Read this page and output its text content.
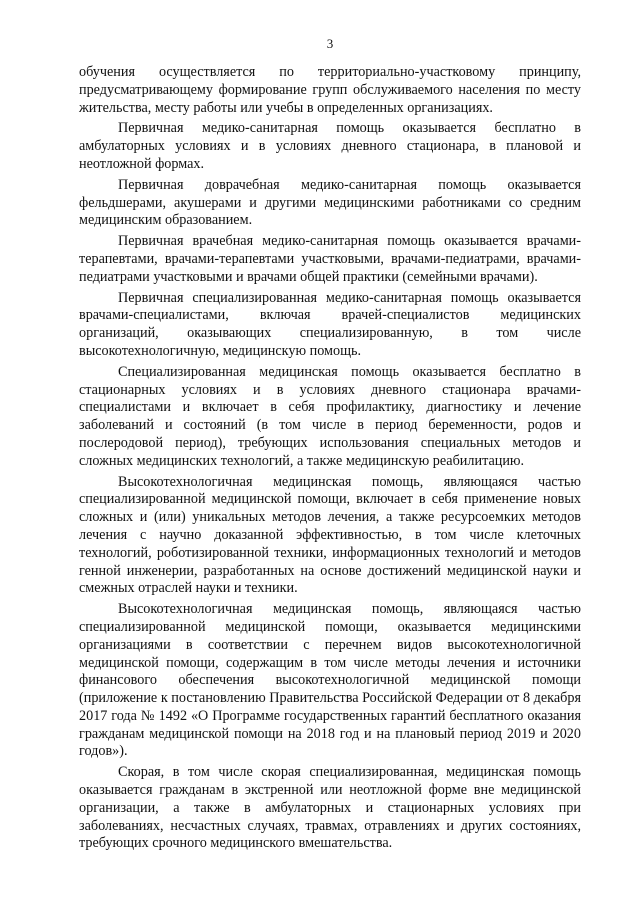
3

обучения осуществляется по территориально-участковому принципу, предусматривающему формирование групп обслуживаемого населения по месту жительства, месту работы или учебы в определенных организациях.

Первичная медико-санитарная помощь оказывается бесплатно в амбулаторных условиях и в условиях дневного стационара, в плановой и неотложной формах.

Первичная доврачебная медико-санитарная помощь оказывается фельдшерами, акушерами и другими медицинскими работниками со средним медицинским образованием.

Первичная врачебная медико-санитарная помощь оказывается врачами-терапевтами, врачами-терапевтами участковыми, врачами-педиатрами, врачами-педиатрами участковыми и врачами общей практики (семейными врачами).

Первичная специализированная медико-санитарная помощь оказывается врачами-специалистами, включая врачей-специалистов медицинских организаций, оказывающих специализированную, в том числе высокотехнологичную, медицинскую помощь.

Специализированная медицинская помощь оказывается бесплатно в стационарных условиях и в условиях дневного стационара врачами-специалистами и включает в себя профилактику, диагностику и лечение заболеваний и состояний (в том числе в период беременности, родов и послеродовой период), требующих использования специальных методов и сложных медицинских технологий, а также медицинскую реабилитацию.

Высокотехнологичная медицинская помощь, являющаяся частью специализированной медицинской помощи, включает в себя применение новых сложных и (или) уникальных методов лечения, а также ресурсоемких методов лечения с научно доказанной эффективностью, в том числе клеточных технологий, роботизированной техники, информационных технологий и методов генной инженерии, разработанных на основе достижений медицинской науки и смежных отраслей науки и техники.

Высокотехнологичная медицинская помощь, являющаяся частью специализированной медицинской помощи, оказывается медицинскими организациями в соответствии с перечнем видов высокотехнологичной медицинской помощи, содержащим в том числе методы лечения и источники финансового обеспечения высокотехнологичной медицинской помощи (приложение к постановлению Правительства Российской Федерации от 8 декабря 2017 года № 1492 «О Программе государственных гарантий бесплатного оказания гражданам медицинской помощи на 2018 год и на плановый период 2019 и 2020 годов»).

Скорая, в том числе скорая специализированная, медицинская помощь оказывается гражданам в экстренной или неотложной форме вне медицинской организации, а также в амбулаторных и стационарных условиях при заболеваниях, несчастных случаях, травмах, отравлениях и других состояниях, требующих срочного медицинского вмешательства.
